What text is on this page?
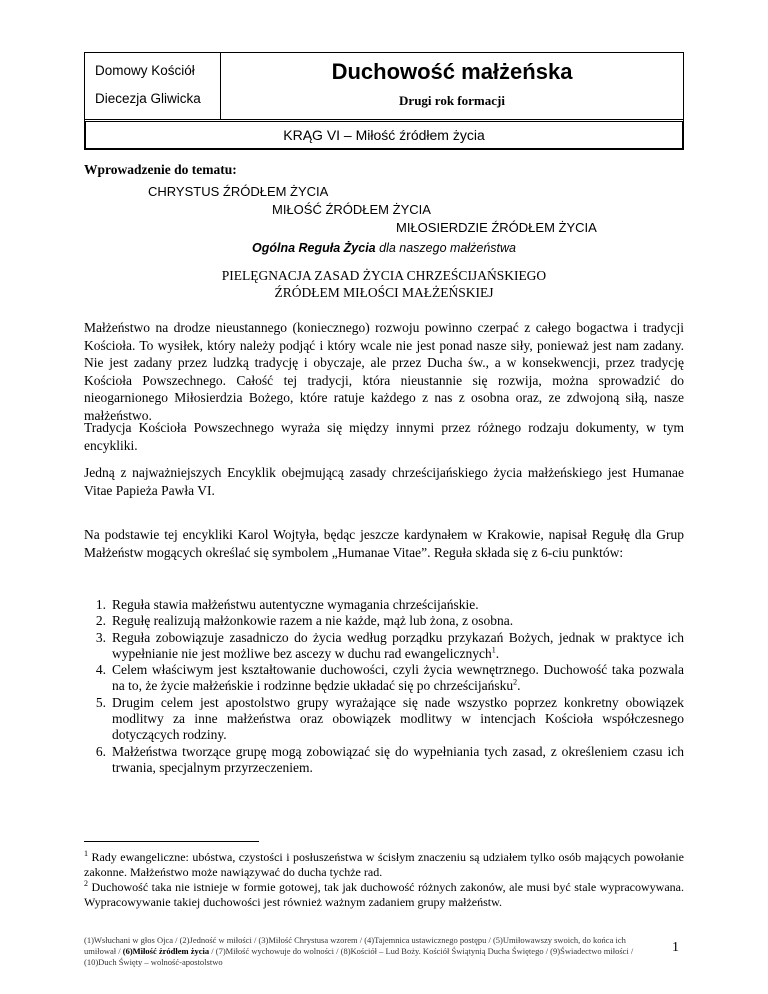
Domowy Kościół
Diecezja Gliwicka
Duchowość małżeńska
Drugi rok formacji
KRĄG VI – Miłość źródłem życia
Wprowadzenie do tematu:
CHRYSTUS ŹRÓDŁEM ŻYCIA
MIŁOŚĆ ŹRÓDŁEM ŻYCIA
MIŁOSIERDZIE ŹRÓDŁEM ŻYCIA
Ogólna Reguła Życia dla naszego małżeństwa
PIELĘGNACJA ZASAD ŻYCIA CHRZEŚCIJAŃSKIEGO
ŹRÓDŁEM MIŁOŚCI MAŁŻEŃSKIEJ

Małżeństwo na drodze nieustannego (koniecznego) rozwoju powinno czerpać z całego bogactwa i tradycji Kościoła. To wysiłek, który należy podjąć i który wcale nie jest ponad nasze siły, ponieważ jest nam zadany. Nie jest zadany przez ludzką tradycję i obyczaje, ale przez Ducha św., a w konsekwencji, przez tradycję Kościoła Powszechnego. Całość tej tradycji, która nieustannie się rozwija, można sprowadzić do nieogarnionego Miłosierdzia Bożego, które ratuje każdego z nas z osobna oraz, ze zdwojoną siłą, nasze małżeństwo.

Tradycja Kościoła Powszechnego wyraża się między innymi przez różnego rodzaju dokumenty, w tym encykliki.

Jedną z najważniejszych Encyklik obejmującą zasady chrześcijańskiego życia małżeńskiego jest Humanae Vitae Papieża Pawła VI.

Na podstawie tej encykliki Karol Wojtyła, będąc jeszcze kardynałem w Krakowie, napisał Regułę dla Grup Małżeństw mogących określać się symbolem „Humanae Vitae”. Reguła składa się z 6-ciu punktów:

1. Reguła stawia małżeństwu autentyczne wymagania chrześcijańskie.
2. Regułę realizują małżonkowie razem a nie każde, mąż lub żona, z osobna.
3. Reguła zobowiązuje zasadniczo do życia według porządku przykazań Bożych, jednak w praktyce ich wypełnianie nie jest możliwe bez ascezy w duchu rad ewangelicznych$^1$.
4. Celem właściwym jest kształtowanie duchowości, czyli życia wewnętrznego. Duchowość taka pozwala na to, że życie małżeńskie i rodzinne będzie układać się po chrześcijańsku$^2$.
5. Drugim celem jest apostolstwo grupy wyrażające się nade wszystko poprzez konkretny obowiązek modlitwy za inne małżeństwa oraz obowiązek modlitwy w intencjach Kościoła współczesnego dotyczących rodziny.
6. Małżeństwa tworzące grupę mogą zobowiązać się do wypełniania tych zasad, z określeniem czasu ich trwania, specjalnym przyrzeczeniem.
$^1$ Rady ewangeliczne: ubóstwa, czystości i posłuszeństwa w ścisłym znaczeniu są udziałem tylko osób mających powołanie zakonne. Małżeństwo może nawiązywać do ducha tychże rad.
$^2$ Duchowość taka nie istnieje w formie gotowej, tak jak duchowość różnych zakonów, ale musi być stale wypracowywana. Wypracowywanie takiej duchowości jest również ważnym zadaniem grupy małżeństw.
(1)Wsłuchani w głos Ojca / (2)Jedność w miłości / (3)Miłość Chrystusa wzorem / (4)Tajemnica ustawicznego postępu / (5)Umiłowawszy swoich, do końca ich umiłował / (6)Miłość źródłem życia / (7)Miłość wychowuje do wolności / (8)Kościół – Lud Boży. Kościół Świątynią Ducha Świętego / (9)Świadectwo miłości / (10)Duch Święty – wolność-apostolstwo
1
